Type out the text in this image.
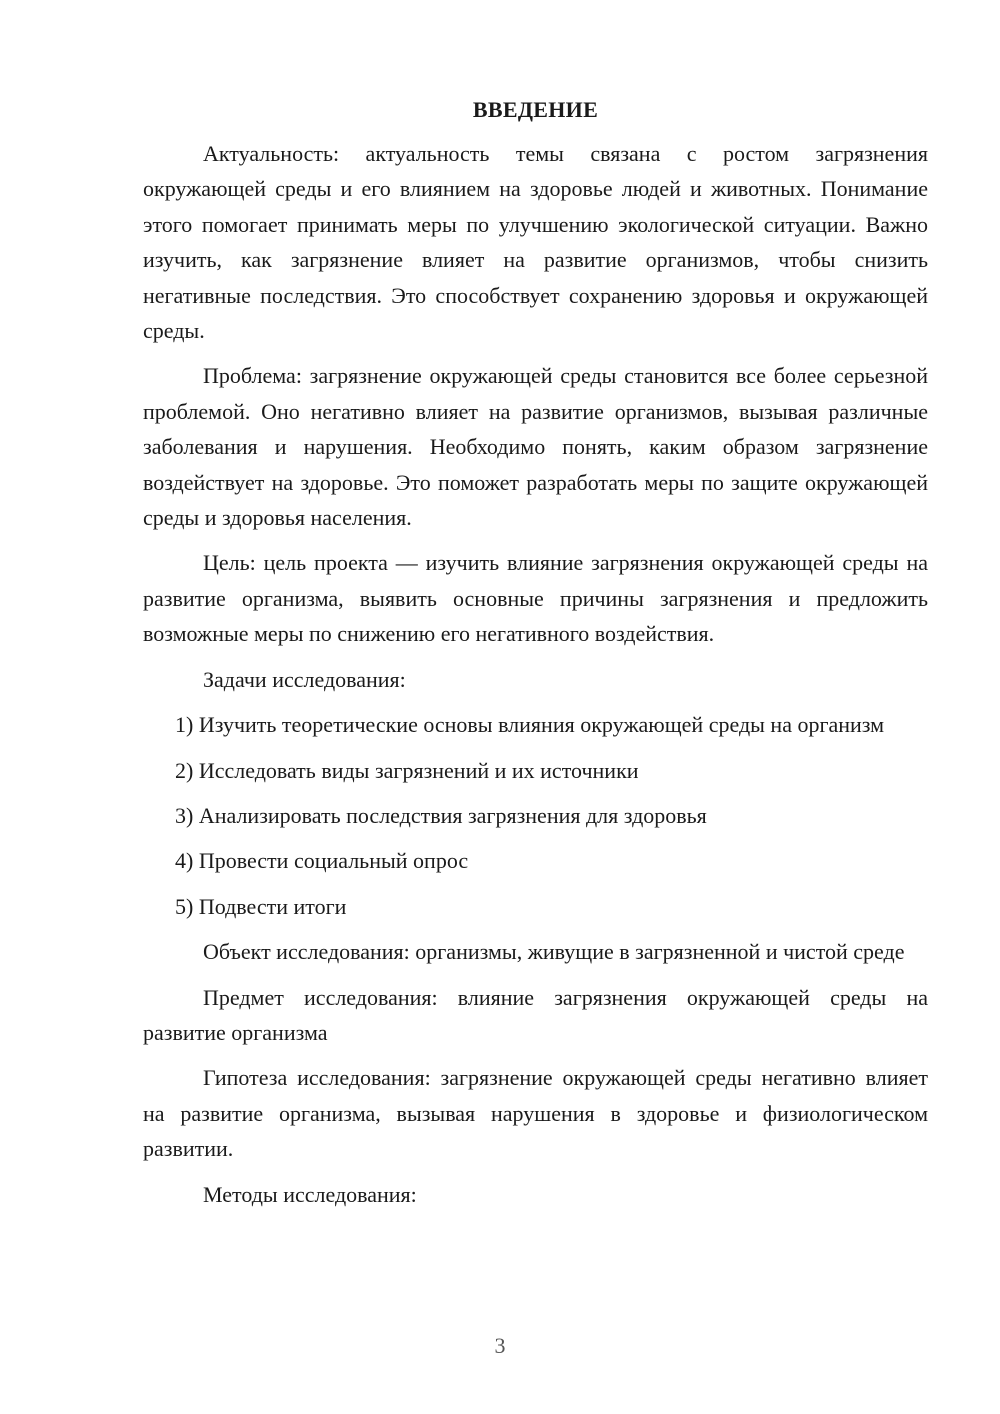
ВВЕДЕНИЕ

Актуальность: актуальность темы связана с ростом загрязнения окружающей среды и его влиянием на здоровье людей и животных. Понимание этого помогает принимать меры по улучшению экологической ситуации. Важно изучить, как загрязнение влияет на развитие организмов, чтобы снизить негативные последствия. Это способствует сохранению здоровья и окружающей среды.

Проблема: загрязнение окружающей среды становится все более серьезной проблемой. Оно негативно влияет на развитие организмов, вызывая различные заболевания и нарушения. Необходимо понять, каким образом загрязнение воздействует на здоровье. Это поможет разработать меры по защите окружающей среды и здоровья населения.

Цель: цель проекта — изучить влияние загрязнения окружающей среды на развитие организма, выявить основные причины загрязнения и предложить возможные меры по снижению его негативного воздействия.

Задачи исследования:

1) Изучить теоретические основы влияния окружающей среды на организм
2) Исследовать виды загрязнений и их источники
3) Анализировать последствия загрязнения для здоровья
4) Провести социальный опрос
5) Подвести итоги

Объект исследования: организмы, живущие в загрязненной и чистой среде

Предмет исследования: влияние загрязнения окружающей среды на развитие организма

Гипотеза исследования: загрязнение окружающей среды негативно влияет на развитие организма, вызывая нарушения в здоровье и физиологическом развитии.

Методы исследования:

3
